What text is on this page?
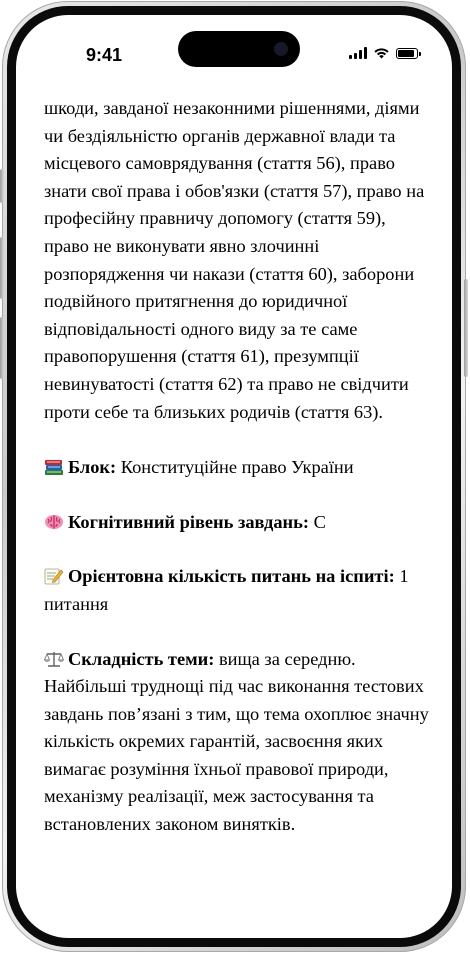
9:41

шкоди, завданої незаконними рішеннями, діями чи бездіяльністю органів державної влади та місцевого самоврядування (стаття 56), право знати свої права і обов'язки (стаття 57), право на професійну правничу допомогу (стаття 59), право не виконувати явно злочинні розпорядження чи накази (стаття 60), заборони подвійного притягнення до юридичної відповідальності одного виду за те саме правопорушення (стаття 61), презумпції невинуватості (стаття 62) та право не свідчити проти себе та близьких родичів (стаття 63).

Блок: Конституційне право України

Когнітивний рівень завдань: C

Орієнтовна кількість питань на іспиті: 1 питання

Складність теми: вища за середню. Найбільші труднощі під час виконання тестових завдань пов’язані з тим, що тема охоплює значну кількість окремих гарантій, засвоєння яких вимагає розуміння їхньої правової природи, механізму реалізації, меж застосування та встановлених законом винятків.
